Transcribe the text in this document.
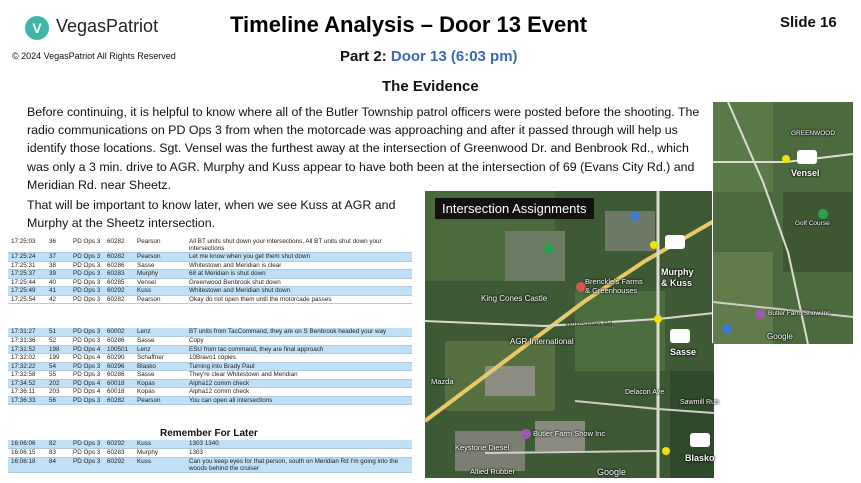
V VegasPatriot
© 2024 VegasPatriot All Rights Reserved
Timeline Analysis – Door 13 Event	Slide 16
Part 2: Door 13 (6:03 pm)
The Evidence
Before continuing, it is helpful to know where all of the Butler Township patrol officers were posted before the shooting. The radio communications on PD Ops 3 from when the motorcade was approaching and after it passed through will help us identify those locations. Sgt. Vensel was the furthest away at the intersection of Greenwood Dr. and Benbrook Rd., which was only a 3 min. drive to AGR. Murphy and Kuss appear to have both been at the intersection of 69 (Evans City Rd.) and Meridian Rd. near Sheetz.
That will be important to know later, when we see Kuss at AGR and Murphy at the Sheetz intersection.
17:25:03	36	PD Ops 3	60282	Pearson	All BT units shut down your intersections, All BT units shut down your intersections
17:25:24	37	PD Ops 3	60282	Pearson	Let me know when you get them shut down
17:25:31	38	PD Ops 3	60286	Sasse	Whitestown and Meridian is clear
17:25:37	39	PD Ops 3	60283	Murphy	68 at Meridian is shut down
17:25:44	40	PD Ops 3	60285	Vensel	Greenwood Benbrook shut down
17:25:49	41	PD Ops 3	60292	Kuss	Whitestown and Meridian shut down
17:25:54	42	PD Ops 3	60282	Pearson	Okay do not open them until the motorcade passes
17:31:27	51	PD Ops 3	60002	Lenz	BT units from TacCommand, they are on S Benbrook headed your way
17:31:36	52	PD Ops 3	60286	Sasse	Copy
17:31:52	198	PD Ops 4	100501	Lenz	ESU from tac command, they are final approach
17:32:02	199	PD Ops 4	60290	Schaffner	10Bravo1 copies
17:32:22	54	PD Ops 3	60296	Blasko	Turning into Brady Paul
17:32:58	55	PD Ops 3	60286	Sasse	They're clear Whitestown and Meridian
17:34:52	202	PD Ops 4	60018	Kopas	Alpha12 comm check
17:36:11	203	PD Ops 4	60018	Kopas	Alpha12 comm check
17:36:33	56	PD Ops 3	60282	Pearson	You can open all intersections
Remember For Later
16:06:06	82	PD Ops 3	60292	Kuss	1303 1340
16:06:15	83	PD Ops 3	60283	Murphy	1303
16:06:18	84	PD Ops 3	60292	Kuss	Can you keep eyes for that person, south on Meridian Rd I'm going into the woods behind the cruiser
Intersection Assignments
Murphy
& Kuss
Sasse
Blasko
King Cones Castle
Brenckle's Farms
& Greenhouses
AGR International
Whitestown Rd
Butler Farm Show Inc
Keystone Diesel
Mazda
Allied Rubber
Delacon Ave
Sawmill Run
Google
Vensel
GREENWOOD
Golf Course
Butler Farm Show Inc
Google
